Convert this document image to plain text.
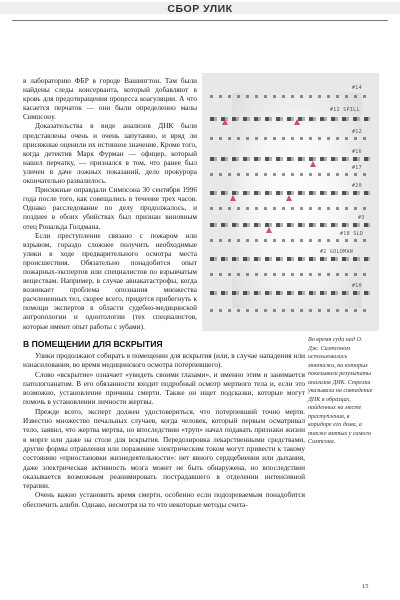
СБОР УЛИК

в лабораторию ФБР в городе Вашингтон. Там были найдены следы консерванта, который добавляют в кровь для предотвращения процесса коагуляции. А что касается перчаток — они были определенно малы Симпсону.

Доказательства в виде анализов ДНК были представлены очень и очень запутанно, и вряд ли присяжные оценили их истинное значение. Кроме того, когда детектив Марк Фурман — офицер, который нашел перчатку, — признался в том, что ранее был уличен в даче ложных показаний, дело прокурора окончательно развалилось.

Присяжные оправдали Симпсона 30 сентября 1996 года после того, как совещались в течение трех часов. Однако расследование по делу продолжалось, и позднее в обоих убийствах был признан виновным отец Рональда Голдмана.

Если преступление связано с пожаром или взрывом, гораздо сложнее получить необходимые улики в ходе предварительного осмотра места происшествия. Обязательно понадобится опыт пожарных-экспертов или специалистов по взрывчатым веществам. Например, в случае авиакатастрофы, когда возникает проблема опознания множества расчлененных тел, скорее всего, придется прибегнуть к помощи экспертов в области судебно-медицинской антропологии и одонтологии (тех специалистов, которые имеют опыт работы с зубами).

#14
#12 SPILL
#12
#16
#17
#20
#3
#18 SLD
#2 GOLDMAN
#10
Во время суда над О. Дж. Симпсоном использовались монтажи, на которых показывали результаты анализов ДНК. Стрелки указывали на совпадение ДНК в образцах, найденных на месте преступления, в коридоре его дома, а также взятых у самого Симпсона.
В ПОМЕЩЕНИИ ДЛЯ ВСКРЫТИЯ

Улики продолжают собирать в помещении для вскрытия (или, в случае нападения или изнасилования, во время медицинского осмотра потерпевшего).

Слово «вскрытие» означает «увидеть своими глазами», и именно этим и занимается патологоанатом. В его обязанности входит подробный осмотр мертвого тела и, если это возможно, установление причины смерти. Также он ищет подсказки, которые могут помочь в установлении личности жертвы.

Прежде всего, эксперт должен удостовериться, что потерпевший точно мертв. Известно множество печальных случаев, когда человек, который первым осматривал тело, заявил, что жертва мертва, но впоследствии «труп» начал подавать признаки жизни в морге или даже на столе для вскрытия. Передозировка лекарственными средствами, другие формы отравления или поражение электрическим током могут привести к такому состоянию «приостановки жизнедеятельности»: нет явного сердцебиения или дыхания, даже электрическая активность мозга может не быть обнаружена, но впоследствии оказывается возможным реанимировать пострадавшего в отделении интенсивной терапии.

Очень важно установить время смерти, особенно если подозреваемым понадобится обеспечить алиби. Однако, несмотря на то что некоторые методы счита-

15
